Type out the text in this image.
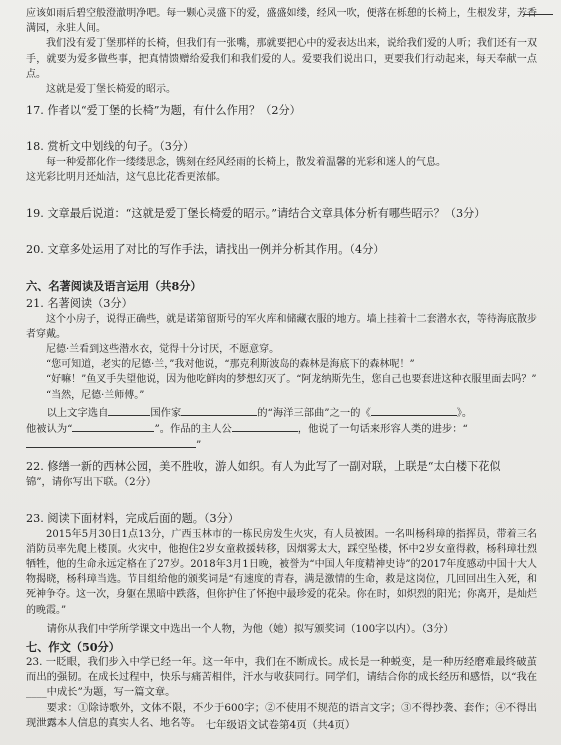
应该如雨后碧空般澄澈明净吧。每一颗心灵盛下的爱，盛盛如缕，经风一吹，便落在栎憩的长椅上，生根发芽，芳香满园，永驻人间。

我们没有爱丁堡那样的长椅，但我们有一张嘴，那就要把心中的爱表达出来，说给我们爱的人听；我们还有一双手，就要为爱多做些事，把真情馈赠给爱我们和我们爱的人。爱要我们说出口，更要我们行动起来，每天奉献一点点。

这就是爱丁堡长椅爱的昭示。

17. 作者以“爱丁堡的长椅”为题，有什么作用？（2分）

18. 赏析文中划线的句子。（3分）

每一种爱都化作一缕缕思念，镌刻在经风经雨的长椅上，散发着温馨的光彩和迷人的气息。

这光彩比明月还灿洁，这气息比花香更浓郁。

19. 文章最后说道：“这就是爱丁堡长椅爱的昭示。”请结合文章具体分析有哪些昭示？（3分）

20. 文章多处运用了对比的写作手法，请找出一例并分析其作用。（4分）

六、名著阅读及语言运用（共8分）

21. 名著阅读（3分）

这个小房子，说得正确些，就是诺第留斯号的军火库和储藏衣服的地方。墙上挂着十二套潜水衣，等待海底散步者穿戴。

尼德·兰看到这些潜水衣，觉得十分讨厌，不愿意穿。

“您可知道，老实的尼德·兰，”我对他说，“那克利斯波岛的森林是海底下的森林呢！”

“好嘛！”鱼叉手失望他说，因为他吃鲜肉的梦想幻灭了。“阿龙纳斯先生，您自己也要套进这种衣服里面去吗？”

“当然，尼德·兰师傅。”

以上文字选自	国作家	的“海洋三部曲”之一的《	》。

他被认为“	”。作品的主人公	，他说了一句话来形容人类的进步：“

”

22. 修缮一新的西林公园，美不胜收，游人如织。有人为此写了一副对联，上联是“太白楼下花似

锦”，请你写出下联。（2分）

23. 阅读下面材料，完成后面的题。（3分）

2015年5月30日1点13分，广西玉林市的一栋民房发生火灾，有人员被困。一名叫杨科璋的指挥员，带着三名消防员率先爬上楼顶。火灾中，他抱住2岁女童救援转移，因烟雾太大，踩空坠楼，怀中2岁女童得救，杨科璋壮烈牺牲，他的生命永远定格在了27岁。2018年3月1日晚，被誉为“中国人年度精神史诗”的2017年度感动中国十大人物揭晓，杨科璋当选。节目组给他的颁奖词是“有速度的青春，满是激情的生命，救是这岗位，几回回出生入死，和死神争夺。这一次，身躯在黑暗中跌落，但你护住了怀抱中最珍爱的花朵。你在时，如炽烈的阳光；你离开，是灿烂的晚霞。”

请你从我们中学所学课文中选出一个人物，为他（她）拟写颁奖词（100字以内）。（3分）

七、作文（50分）

23. 一眨眼，我们步入中学已经一年。这一年中，我们在不断成长。成长是一种蜕变，是一种历经磨难最终破茧而出的强韧。在成长过程中，快乐与痛苦相伴，汗水与收获同行。同学们，请结合你的成长经历和感悟，以“我在____中成长”为题，写一篇文章。

要求：①除诗歌外，文体不限，不少于600字；②不使用不规范的语言文字；③不得抄袭、套作；④不得出现泄露本人信息的真实人名、地名等。 七年级语文试卷第4页（共4页）
